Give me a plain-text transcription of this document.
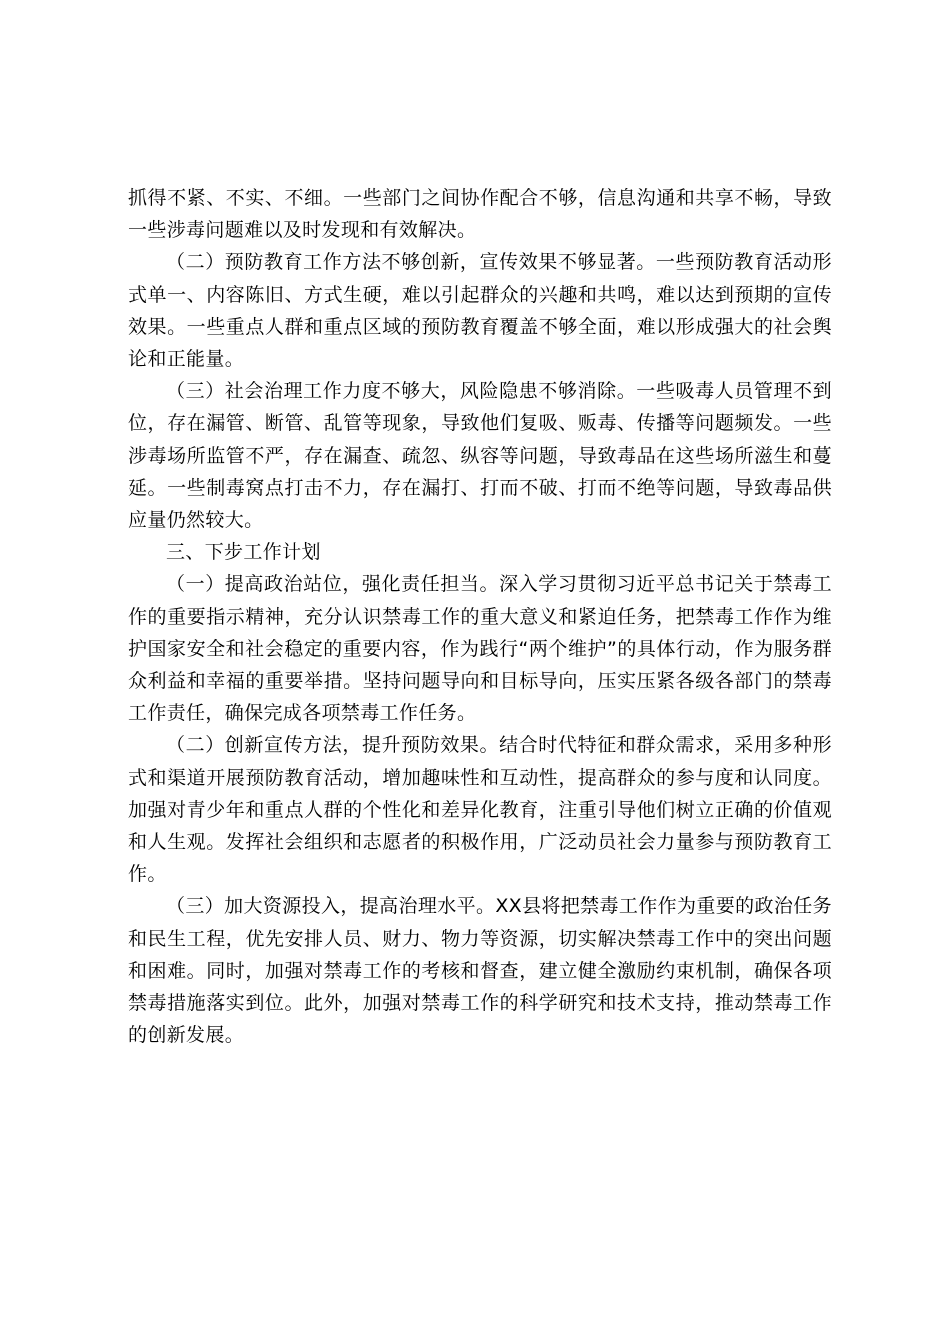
抓得不紧、不实、不细。一些部门之间协作配合不够，信息沟通和共享不畅，导致一些涉毒问题难以及时发现和有效解决。

（二）预防教育工作方法不够创新，宣传效果不够显著。一些预防教育活动形式单一、内容陈旧、方式生硬，难以引起群众的兴趣和共鸣，难以达到预期的宣传效果。一些重点人群和重点区域的预防教育覆盖不够全面，难以形成强大的社会舆论和正能量。

（三）社会治理工作力度不够大，风险隐患不够消除。一些吸毒人员管理不到位，存在漏管、断管、乱管等现象，导致他们复吸、贩毒、传播等问题频发。一些涉毒场所监管不严，存在漏查、疏忽、纵容等问题，导致毒品在这些场所滋生和蔓延。一些制毒窝点打击不力，存在漏打、打而不破、打而不绝等问题，导致毒品供应量仍然较大。

三、下步工作计划

（一）提高政治站位，强化责任担当。深入学习贯彻习近平总书记关于禁毒工作的重要指示精神，充分认识禁毒工作的重大意义和紧迫任务，把禁毒工作作为维护国家安全和社会稳定的重要内容，作为践行“两个维护”的具体行动，作为服务群众利益和幸福的重要举措。坚持问题导向和目标导向，压实压紧各级各部门的禁毒工作责任，确保完成各项禁毒工作任务。

（二）创新宣传方法，提升预防效果。结合时代特征和群众需求，采用多种形式和渠道开展预防教育活动，增加趣味性和互动性，提高群众的参与度和认同度。加强对青少年和重点人群的个性化和差异化教育，注重引导他们树立正确的价值观和人生观。发挥社会组织和志愿者的积极作用，广泛动员社会力量参与预防教育工作。

（三）加大资源投入，提高治理水平。XX县将把禁毒工作作为重要的政治任务和民生工程，优先安排人员、财力、物力等资源，切实解决禁毒工作中的突出问题和困难。同时，加强对禁毒工作的考核和督查，建立健全激励约束机制，确保各项禁毒措施落实到位。此外，加强对禁毒工作的科学研究和技术支持，推动禁毒工作的创新发展。
